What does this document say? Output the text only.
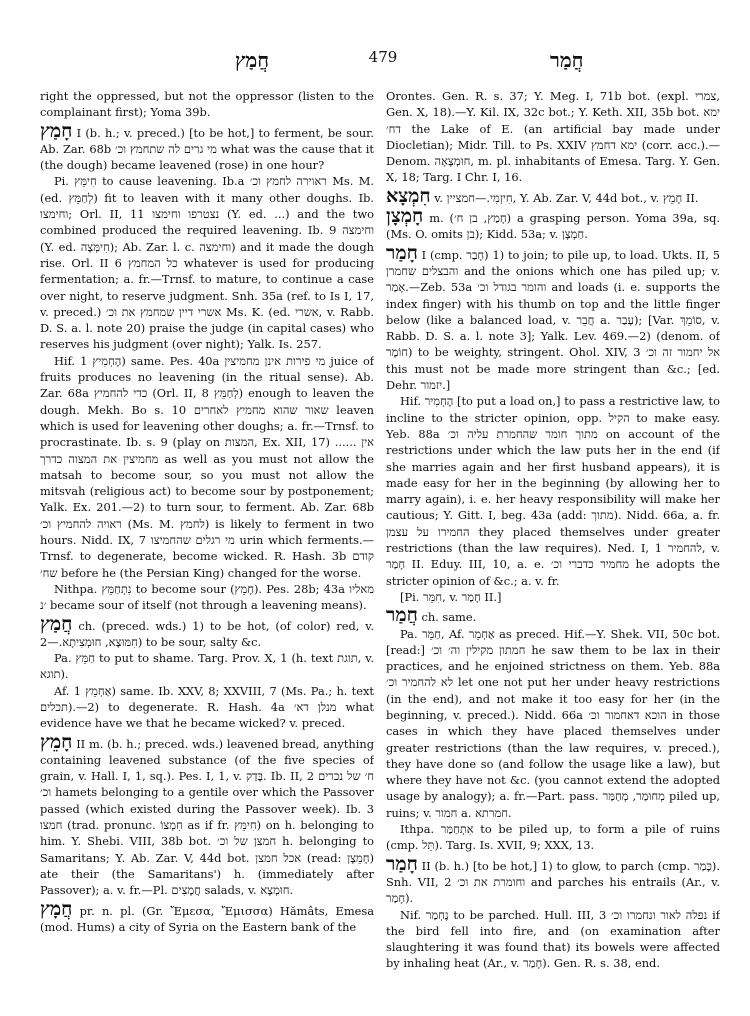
חֲמַץ	479	חֲמַר

right the oppressed, but not the oppressor (listen to the complainant first); Yoma 39b.

חָמַץ I (b. h.; v. preced.) [to be hot,] to ferment, be sour. Ab. Zar. 68b מי גרים לה שתחמץ וכ׳ what was the cause that it (the dough) became leavened (rose) in one hour?

Pi. חִימֵּץ to cause leavening. Ib.a ראוירה לחמץ וכ׳ Ms. M. (ed. לְחַמֵּץ) fit to leaven with it many other doughs. Ib. וחימצו; Orl. II, 11 נצטרפו וחימצו (Y. ed. ...) and the two combined produced the required leavening. Ib. 9 וחימצה (Y. ed. חִימְּצָה); Ab. Zar. l. c. וחימצה) and it made the dough rise. Orl. II 6 כל המחמץ whatever is used for producing fermentation; a. fr.—Trnsf. to mature, to continue a case over night, to reserve judgment. Snh. 35a (ref. to Is I, 17, v. preced.) אשרי דיין שמחמץ את וכ׳ Ms. K. (ed. אשרי, v. Rabb. D. S. a. l. note 20) praise the judge (in capital cases) who reserves his judgment (over night); Yalk. Is. 257.

Hif. הֶחְמִיץ 1) same. Pes. 40a מי פירות אינן מחמיצין juice of fruits produces no leavening (in the ritual sense). Ab. Zar. 68a כדי להחמיץ (Orl. II, 8 לְחַמֵּץ) enough to leaven the dough. Mekh. Bo s. 10 שאור שהוא מחמיץ לאחרים leaven which is used for leavening other doughs; a. fr.—Trnsf. to procrastinate. Ib. s. 9 (play on המצות, Ex. XII, 17) ...... אין מחמיצין את המצוה כדרך as well as you must not allow the matsah to become sour, so you must not allow the mitsvah (religious act) to become sour by postponement; Yalk. Ex. 201.—2) to turn sour, to ferment. Ab. Zar. 68b ראויה להחמיץ וכ׳ (Ms. M. לחמץ) is likely to ferment in two hours. Nidd. IX, 7 מי רגלים שהחמיצו urin which ferments.—Trnsf. to degenerate, become wicked. R. Hash. 3b קודם שח׳ before he (the Persian King) changed for the worse.

Nithpa. נִתְחַמֵּץ to become sour (חָמֵץ). Pes. 28b; 43a מאליו ׳נ became sour of itself (not through a leavening means).

חֲמַץ ch. (preced. wds.) 1) to be hot, (of color) red, v. חִמּוּצָא, חוּמְצִיתָא.—2) to be sour, salty &c.

Pa. חַמֵּץ to put to shame. Targ. Prov. X, 1 (h. text תוגת, v. תוגא).

Af. אַחְמֵץ 1) same. Ib. XXV, 8; XXVIII, 7 (Ms. Pa.; h. text תכלים).—2) to degenerate. R. Hash. 4a מנלן דא׳ what evidence have we that he became wicked? v. preced.

חָמֵץ II m. (b. h.; preced. wds.) leavened bread, anything containing leavened substance (of the five species of grain, v. Hall. I, 1, sq.). Pes. I, 1, v. בָּדַק. Ib. II, 2 ח׳ של נכרים וכ׳ hamets belonging to a gentile over which the Passover passed (which existed during the Passover week). Ib. 3 חמצו (trad. pronunc. חִמְצוֹ as if fr. חִימֵּץ) on h. belonging to him. Y. Shebi. VIII, 38b bot. חמצן של וכ׳ h. belonging to Samaritans; Y. Ab. Zar. V, 44d bot. אכל חמצן (read: חָמֵצָן) ate their (the Samaritans') h. (immediately after Passover); a. v. fr.—Pl. חֲמָצִים salads, v. חוּמְצָא.

חֲמָץ pr. n. pl. (Gr. Ἔμεσα, Ἔμισσα) Hămâts, Emesa (mod. Hums) a city of Syria on the Eastern bank of the

Orontes. Gen. R. s. 37; Y. Meg. I, 71b bot. (expl. צמרי, Gen. X, 18).—Y. Kil. IX, 32c bot.; Y. Keth. XII, 35b bot. ימא דח׳ the Lake of E. (an artificial bay made under Diocletian); Midr. Till. to Ps. XXIV ימא דחמץ (corr. acc.).—Denom. חוּמְצָאָה, m. pl. inhabitants of Emesa. Targ. Y. Gen. X, 18; Targ. I Chr. I, 16.

חִמְצָא v. חִיזְמִי.—חמציין, Y. Ab. Zar. V, 44d bot., v. חָמֵץ II.

חָמְצָן m. (חָמַץ, בן ח׳) a grasping person. Yoma 39a, sq. (Ms. O. omits בן); Kidd. 53a; v. חַמְצָן.

חָמַר I (cmp. חָבַר) 1) to join; to pile up, to load. Ukts. II, 5 והבצלים שחמרן and the onions which one has piled up; v. אָמַר.—Zeb. 53a והומר בגודל וכ׳ and loads (i. e. supports the index finger) with his thumb on top and the little finger below (like a balanced load, v. חֲבֵר a. עָבַר); [Var. סוֹמֵךְ, v. Rabb. D. S. a. l. note 3]; Yalk. Lev. 469.—2) (denom. of חוֹמֶר) to be weighty, stringent. Ohol. XIV, 3 אל יחמור זה וכ׳ this must not be made more stringent than &c.; [ed. Dehr. יזמור.]

Hif. הֶחְמִיר [to put a load on,] to pass a restrictive law, to incline to the stricter opinion, opp. הקיל to make easy. Yeb. 88a מתוך חומר שהחמרת עליה וכ׳ on account of the restrictions under which the law puts her in the end (if she marries again and her first husband appears), it is made easy for her in the beginning (by allowing her to marry again), i. e. her heavy responsibility will make her cautious; Y. Gitt. I, beg. 43a (add: מתוך). Nidd. 66a, a. fr. החמירו על עצמן they placed themselves under greater restrictions (than the law requires). Ned. I, 1 להחמיר, v. חָמַר II. Eduy. III, 10, a. e. מחמיר כדברי וכ׳ he adopts the stricter opinion of &c.; a. v. fr.

[Pi. חִמֵּר, v. חָמַר II.]

חֲמַר ch. same.

Pa. חַמֵּר, Af. אַחְמֵר as preced. Hif.—Y. Shek. VII, 50c bot. [read:] חמתון מקילין וה׳ וכ׳ he saw them to be lax in their practices, and he enjoined strictness on them. Yeb. 88a לא להחמיר וכ׳ let one not put her under heavy restrictions (in the end), and not make it too easy for her (in the beginning, v. preced.). Nidd. 66a הוכא דאחמור וכ׳ in those cases in which they have placed themselves under greater restrictions (than the law requires, v. preced.), they have done so (and follow the usage like a law), but where they have not &c. (you cannot extend the adopted usage by analogy); a. fr.—Part. pass. מְחוּמַר, מְחַמַּר piled up, ruins; v. חמור a. חמרתא.

Ithpa. אִתְחַמַּר to be piled up, to form a pile of ruins (cmp. תֵּל). Targ. Is. XVII, 9; XXX, 13.

חָמַר II (b. h.) [to be hot,] 1) to glow, to parch (cmp. כָּמַר). Snh. VII, 2 וחומרת את וכ׳ and parches his entrails (Ar., v. חָמַר).

Nif. נֶחְמַר to be parched. Hull. III, 3 נפלה לאור ונחמרו וכ׳ if the bird fell into fire, and (on examination after slaughtering it was found that) its bowels were affected by inhaling heat (Ar., v. חָמַר). Gen. R. s. 38, end.
